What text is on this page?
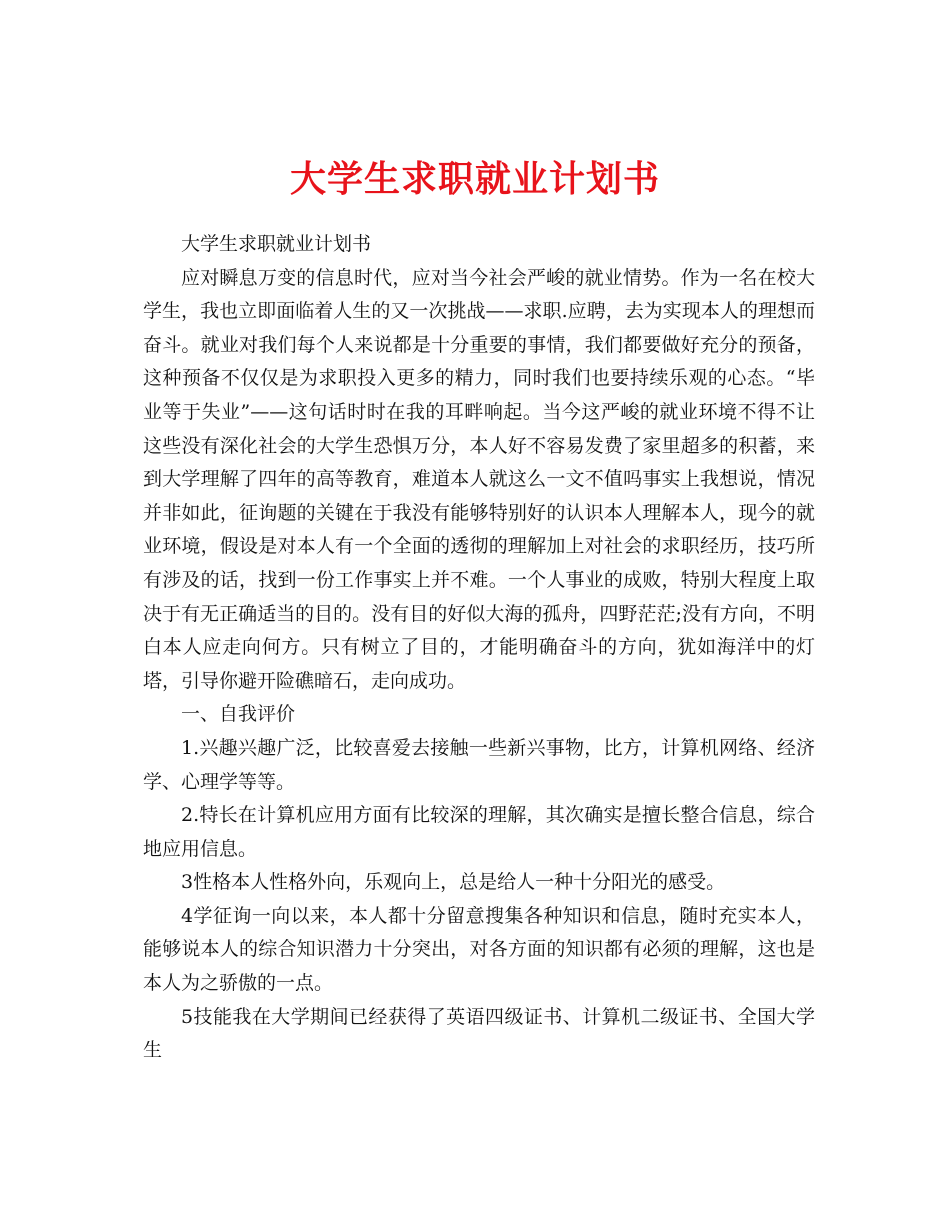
大学生求职就业计划书

大学生求职就业计划书

应对瞬息万变的信息时代，应对当今社会严峻的就业情势。作为一名在校大学生，我也立即面临着人生的又一次挑战——求职.应聘，去为实现本人的理想而奋斗。就业对我们每个人来说都是十分重要的事情，我们都要做好充分的预备，这种预备不仅仅是为求职投入更多的精力，同时我们也要持续乐观的心态。“毕业等于失业”——这句话时时在我的耳畔响起。当今这严峻的就业环境不得不让这些没有深化社会的大学生恐惧万分，本人好不容易发费了家里超多的积蓄，来到大学理解了四年的高等教育，难道本人就这么一文不值吗事实上我想说，情况并非如此，征询题的关键在于我没有能够特别好的认识本人理解本人，现今的就业环境，假设是对本人有一个全面的透彻的理解加上对社会的求职经历，技巧所有涉及的话，找到一份工作事实上并不难。一个人事业的成败，特别大程度上取决于有无正确适当的目的。没有目的好似大海的孤舟，四野茫茫;没有方向，不明白本人应走向何方。只有树立了目的，才能明确奋斗的方向，犹如海洋中的灯塔，引导你避开险礁暗石，走向成功。

一、自我评价

1.兴趣兴趣广泛，比较喜爱去接触一些新兴事物，比方，计算机网络、经济学、心理学等等。

2.特长在计算机应用方面有比较深的理解，其次确实是擅长整合信息，综合地应用信息。

3性格本人性格外向，乐观向上，总是给人一种十分阳光的感受。

4学征询一向以来，本人都十分留意搜集各种知识和信息，随时充实本人，能够说本人的综合知识潜力十分突出，对各方面的知识都有必须的理解，这也是本人为之骄傲的一点。

5技能我在大学期间已经获得了英语四级证书、计算机二级证书、全国大学生
